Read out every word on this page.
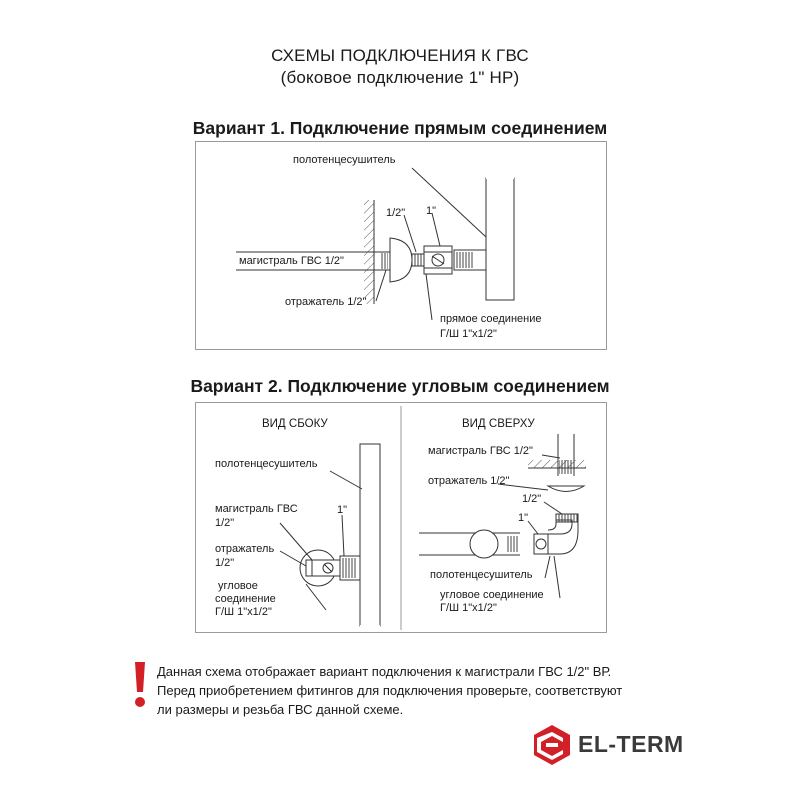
СХЕМЫ ПОДКЛЮЧЕНИЯ К ГВС
(боковое подключение 1" НР)
Вариант 1. Подключение прямым соединением
Вариант 2. Подключение угловым соединением
полотенцесушитель
1/2" 1"
магистраль ГВС 1/2"
отражатель 1/2"
прямое соединение
Г/Ш 1"х1/2"
ВИД СБОКУ
полотенцесушитель
магистраль ГВС
1/2"
1"
отражатель
1/2"
угловое
соединение
Г/Ш 1"х1/2"
ВИД СВЕРХУ
магистраль ГВС 1/2"
отражатель 1/2"
1/2"
1"
полотенцесушитель
угловое соединение
Г/Ш 1"х1/2"
Данная схема отображает вариант подключения к магистрали ГВС 1/2" ВР.
Перед приобретением фитингов для подключения проверьте, соответствуют
ли размеры и резьба ГВС данной схеме.
EL-TERM
